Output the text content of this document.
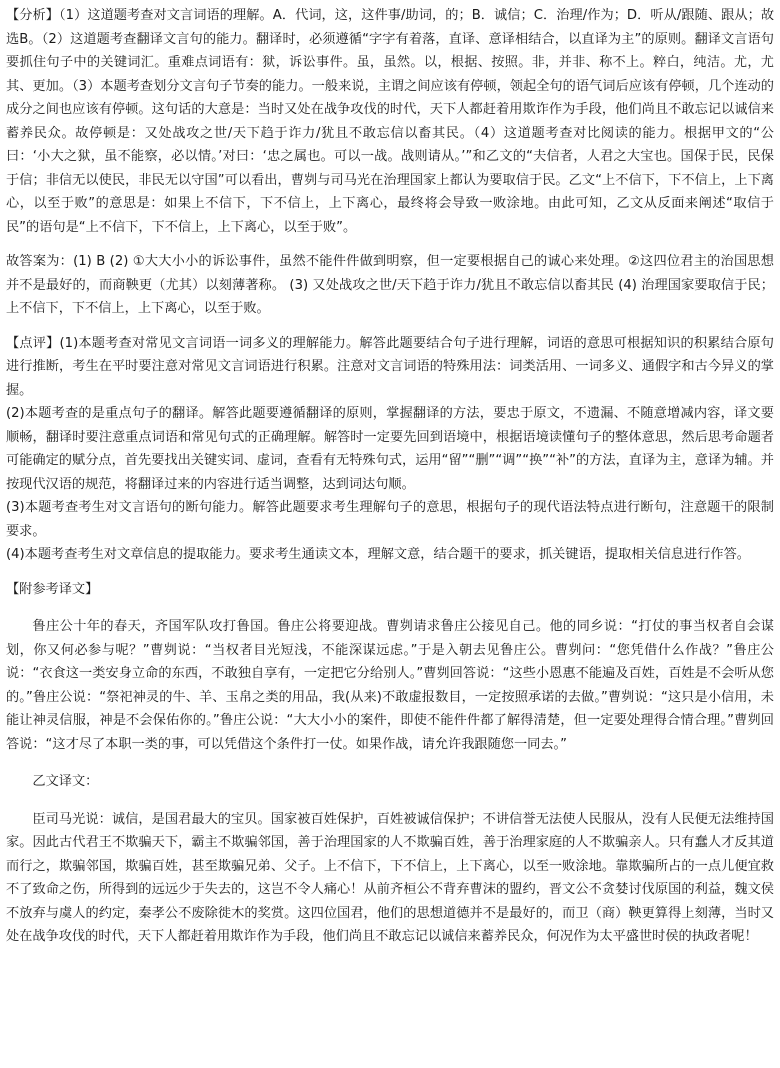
【分析】（1）这道题考查对文言词语的理解。A．代词，这，这件事/助词，的；B．诚信；C．治理/作为；D．听从/跟随、跟从；故选B。（2）这道题考查翻译文言句的能力。翻译时，必须遵循“字字有着落，直译、意译相结合，以直译为主”的原则。翻译文言语句要抓住句子中的关键词汇。重难点词语有：狱，诉讼事件。虽，虽然。以，根据、按照。非，并非、称不上。粹白，纯洁。尤，尤其、更加。（3）本题考查划分文言句子节奏的能力。一般来说，主谓之间应该有停顿，领起全句的语气词后应该有停顿，几个连动的成分之间也应该有停顿。这句话的大意是：当时又处在战争攻伐的时代，天下人都赶着用欺诈作为手段，他们尚且不敢忘记以诚信来蓄养民众。故停顿是：又处战攻之世/天下趋于诈力/犹且不敢忘信以畜其民。（4）这道题考查对比阅读的能力。根据甲文的“公曰：‘小大之狱，虽不能察，必以情。’对曰：‘忠之属也。可以一战。战则请从。’”和乙文的“夫信者，人君之大宝也。国保于民，民保于信；非信无以使民，非民无以守国”可以看出，曹刿与司马光在治理国家上都认为要取信于民。乙文“上不信下，下不信上，上下离心，以至于败”的意思是：如果上不信下，下不信上，上下离心，最终将会导致一败涂地。由此可知，乙文从反面来阐述“取信于民”的语句是“上不信下，下不信上，上下离心，以至于败”。

故答案为：(1) B (2) ①大大小小的诉讼事件，虽然不能件件做到明察，但一定要根据自己的诚心来处理。②这四位君主的治国思想并不是最好的，而商鞅更（尤其）以刻薄著称。 (3) 又处战攻之世/天下趋于诈力/犹且不敢忘信以畜其民 (4) 治理国家要取信于民；上不信下，下不信上，上下离心，以至于败。

【点评】(1)本题考查对常见文言词语一词多义的理解能力。解答此题要结合句子进行理解，词语的意思可根据知识的积累结合原句进行推断，考生在平时要注意对常见文言词语进行积累。注意对文言词语的特殊用法：词类活用、一词多义、通假字和古今异义的掌握。

(2)本题考查的是重点句子的翻译。解答此题要遵循翻译的原则，掌握翻译的方法，要忠于原文，不遗漏、不随意增减内容，译文要顺畅，翻译时要注意重点词语和常见句式的正确理解。解答时一定要先回到语境中，根据语境读懂句子的整体意思，然后思考命题者可能确定的赋分点，首先要找出关键实词、虚词，查看有无特殊句式，运用“留”“删”“调”“换”“补”的方法，直译为主，意译为辅。并按现代汉语的规范，将翻译过来的内容进行适当调整，达到词达句顺。

(3)本题考查考生对文言语句的断句能力。解答此题要求考生理解句子的意思，根据句子的现代语法特点进行断句，注意题干的限制要求。

(4)本题考查考生对文章信息的提取能力。要求考生通读文本，理解文意，结合题干的要求，抓关键语，提取相关信息进行作答。

【附参考译文】

鲁庄公十年的春天，齐国军队攻打鲁国。鲁庄公将要迎战。曹刿请求鲁庄公接见自己。他的同乡说：“打仗的事当权者自会谋划，你又何必参与呢？”曹刿说：“当权者目光短浅，不能深谋远虑。”于是入朝去见鲁庄公。曹刿问：“您凭借什么作战？”鲁庄公说：“衣食这一类安身立命的东西，不敢独自享有，一定把它分给别人。”曹刿回答说：“这些小恩惠不能遍及百姓，百姓是不会听从您的。”鲁庄公说：“祭祀神灵的牛、羊、玉帛之类的用品，我(从来)不敢虚报数目，一定按照承诺的去做。”曹刿说：“这只是小信用，未能让神灵信服，神是不会保佑你的。”鲁庄公说：“大大小小的案件，即使不能件件都了解得清楚，但一定要处理得合情合理。”曹刿回答说：“这才尽了本职一类的事，可以凭借这个条件打一仗。如果作战，请允许我跟随您一同去。”

乙文译文：

臣司马光说：诚信，是国君最大的宝贝。国家被百姓保护，百姓被诚信保护；不讲信誉无法使人民服从，没有人民便无法维持国家。因此古代君王不欺骗天下，霸主不欺骗邻国，善于治理国家的人不欺骗百姓，善于治理家庭的人不欺骗亲人。只有蠢人才反其道而行之，欺骗邻国，欺骗百姓，甚至欺骗兄弟、父子。上不信下，下不信上，上下离心，以至一败涂地。靠欺骗所占的一点儿便宜救不了致命之伤，所得到的远远少于失去的，这岂不令人痛心！从前齐桓公不背弃曹沫的盟约，晋文公不贪婪讨伐原国的利益，魏文侯不放弃与虞人的约定，秦孝公不废除徙木的奖赏。这四位国君，他们的思想道德并不是最好的，而卫（商）鞅更算得上刻薄，当时又处在战争攻伐的时代，天下人都赶着用欺诈作为手段，他们尚且不敢忘记以诚信来蓄养民众，何况作为太平盛世时侯的执政者呢！
